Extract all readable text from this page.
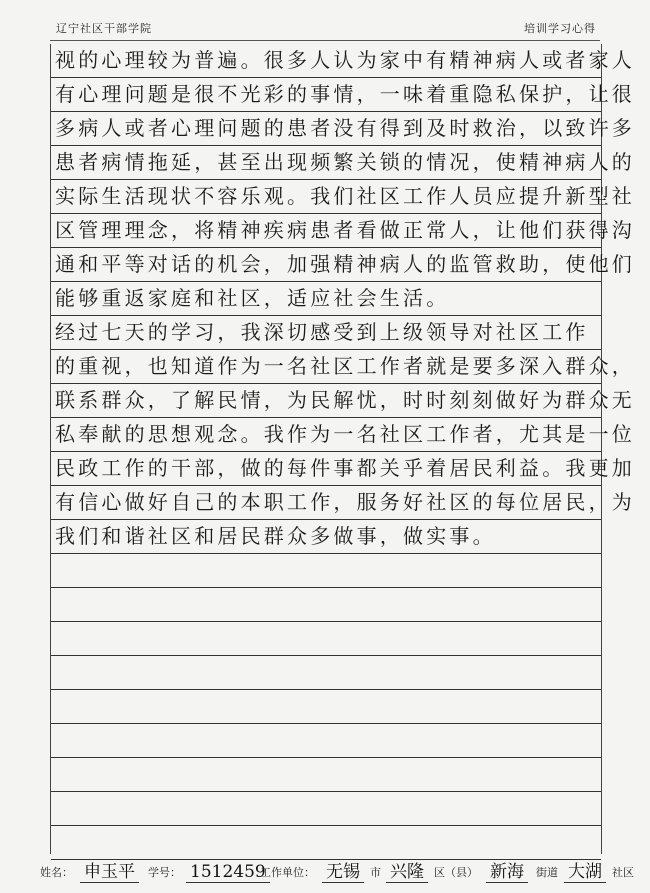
辽宁社区干部学院	培训学习心得
视的心理较为普遍。很多人认为家中有精神病人或者家人
有心理问题是很不光彩的事情，一味着重隐私保护，让很
多病人或者心理问题的患者没有得到及时救治，以致许多
患者病情拖延，甚至出现频繁关锁的情况，使精神病人的
实际生活现状不容乐观。我们社区工作人员应提升新型社
区管理理念，将精神疾病患者看做正常人，让他们获得沟
通和平等对话的机会，加强精神病人的监管救助，使他们
能够重返家庭和社区，适应社会生活。
经过七天的学习，我深切感受到上级领导对社区工作
的重视，也知道作为一名社区工作者就是要多深入群众，
联系群众，了解民情，为民解忧，时时刻刻做好为群众无
私奉献的思想观念。我作为一名社区工作者，尤其是一位
民政工作的干部，做的每件事都关乎着居民利益。我更加
有信心做好自己的本职工作，服务好社区的每位居民，为
我们和谐社区和居民群众多做事，做实事。
姓名： 申玉平	学号： 1512459
工作单位： 无锡 市 兴隆 区（县） 新海	街道 大湖 社区
